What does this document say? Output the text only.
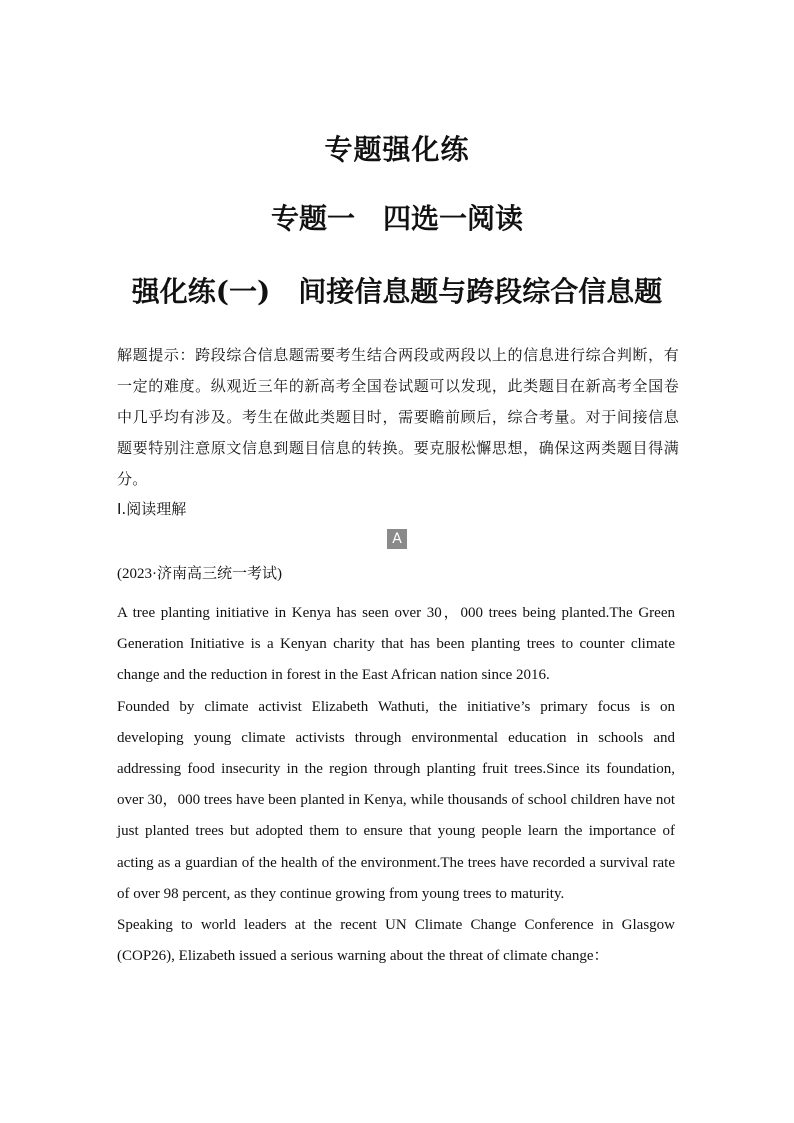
专题强化练
专题一　四选一阅读
强化练(一)　间接信息题与跨段综合信息题
解题提示：跨段综合信息题需要考生结合两段或两段以上的信息进行综合判断，有一定的难度。纵观近三年的新高考全国卷试题可以发现，此类题目在新高考全国卷中几乎均有涉及。考生在做此类题目时，需要瞻前顾后，综合考量。对于间接信息题要特别注意原文信息到题目信息的转换。要克服松懈思想，确保这两类题目得满分。
Ⅰ.阅读理解
A
(2023·济南高三统一考试)

A tree planting initiative in Kenya has seen over 30，000 trees being planted.The Green Generation Initiative is a Kenyan charity that has been planting trees to counter climate change and the reduction in forest in the East African nation since 2016.

Founded by climate activist Elizabeth Wathuti, the initiative’s primary focus is on developing young climate activists through environmental education in schools and addressing food insecurity in the region through planting fruit trees.Since its foundation, over 30，000 trees have been planted in Kenya, while thousands of school children have not just planted trees but adopted them to ensure that young people learn the importance of acting as a guardian of the health of the environment.The trees have recorded a survival rate of over 98 percent, as they continue growing from young trees to maturity.

Speaking to world leaders at the recent UN Climate Change Conference in Glasgow (COP26), Elizabeth issued a serious warning about the threat of climate change：
